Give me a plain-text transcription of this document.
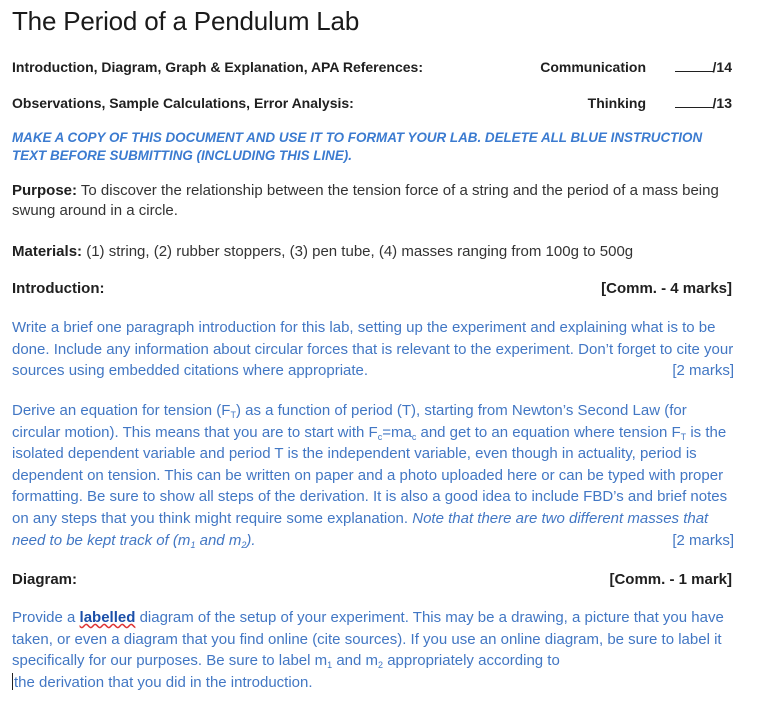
The Period of a Pendulum Lab
Introduction, Diagram, Graph & Explanation, APA References:	Communication	/14
Observations, Sample Calculations, Error Analysis:	Thinking	/13
MAKE A COPY OF THIS DOCUMENT AND USE IT TO FORMAT YOUR LAB. DELETE ALL BLUE INSTRUCTION TEXT BEFORE SUBMITTING (INCLUDING THIS LINE).
Purpose: To discover the relationship between the tension force of a string and the period of a mass being swung around in a circle.
Materials: (1) string, (2) rubber stoppers, (3) pen tube, (4) masses ranging from 100g to 500g
Introduction:	[Comm. - 4 marks]
Write a brief one paragraph introduction for this lab, setting up the experiment and explaining what is to be done. Include any information about circular forces that is relevant to the experiment. Don’t forget to cite your sources using embedded citations where appropriate.	[2 marks]
Derive an equation for tension $(F_T)$ as a function of period (T), starting from Newton’s Second Law (for circular motion). This means that you are to start with $F_c=ma_c$ and get to an equation where tension $F_T$ is the isolated dependent variable and period T is the independent variable, even though in actuality, period is dependent on tension. This can be written on paper and a photo uploaded here or can be typed with proper formatting. Be sure to show all steps of the derivation. It is also a good idea to include FBD’s and brief notes on any steps that you think might require some explanation. Note that there are two different masses that need to be kept track of ($m_1$ and $m_2$).	[2 marks]
Diagram:	[Comm. - 1 mark]
Provide a labelled diagram of the setup of your experiment. This may be a drawing, a picture that you have taken, or even a diagram that you find online (cite sources). If you use an online diagram, be sure to label it specifically for our purposes. Be sure to label $m_1$ and $m_2$ appropriately according to
the derivation that you did in the introduction.
